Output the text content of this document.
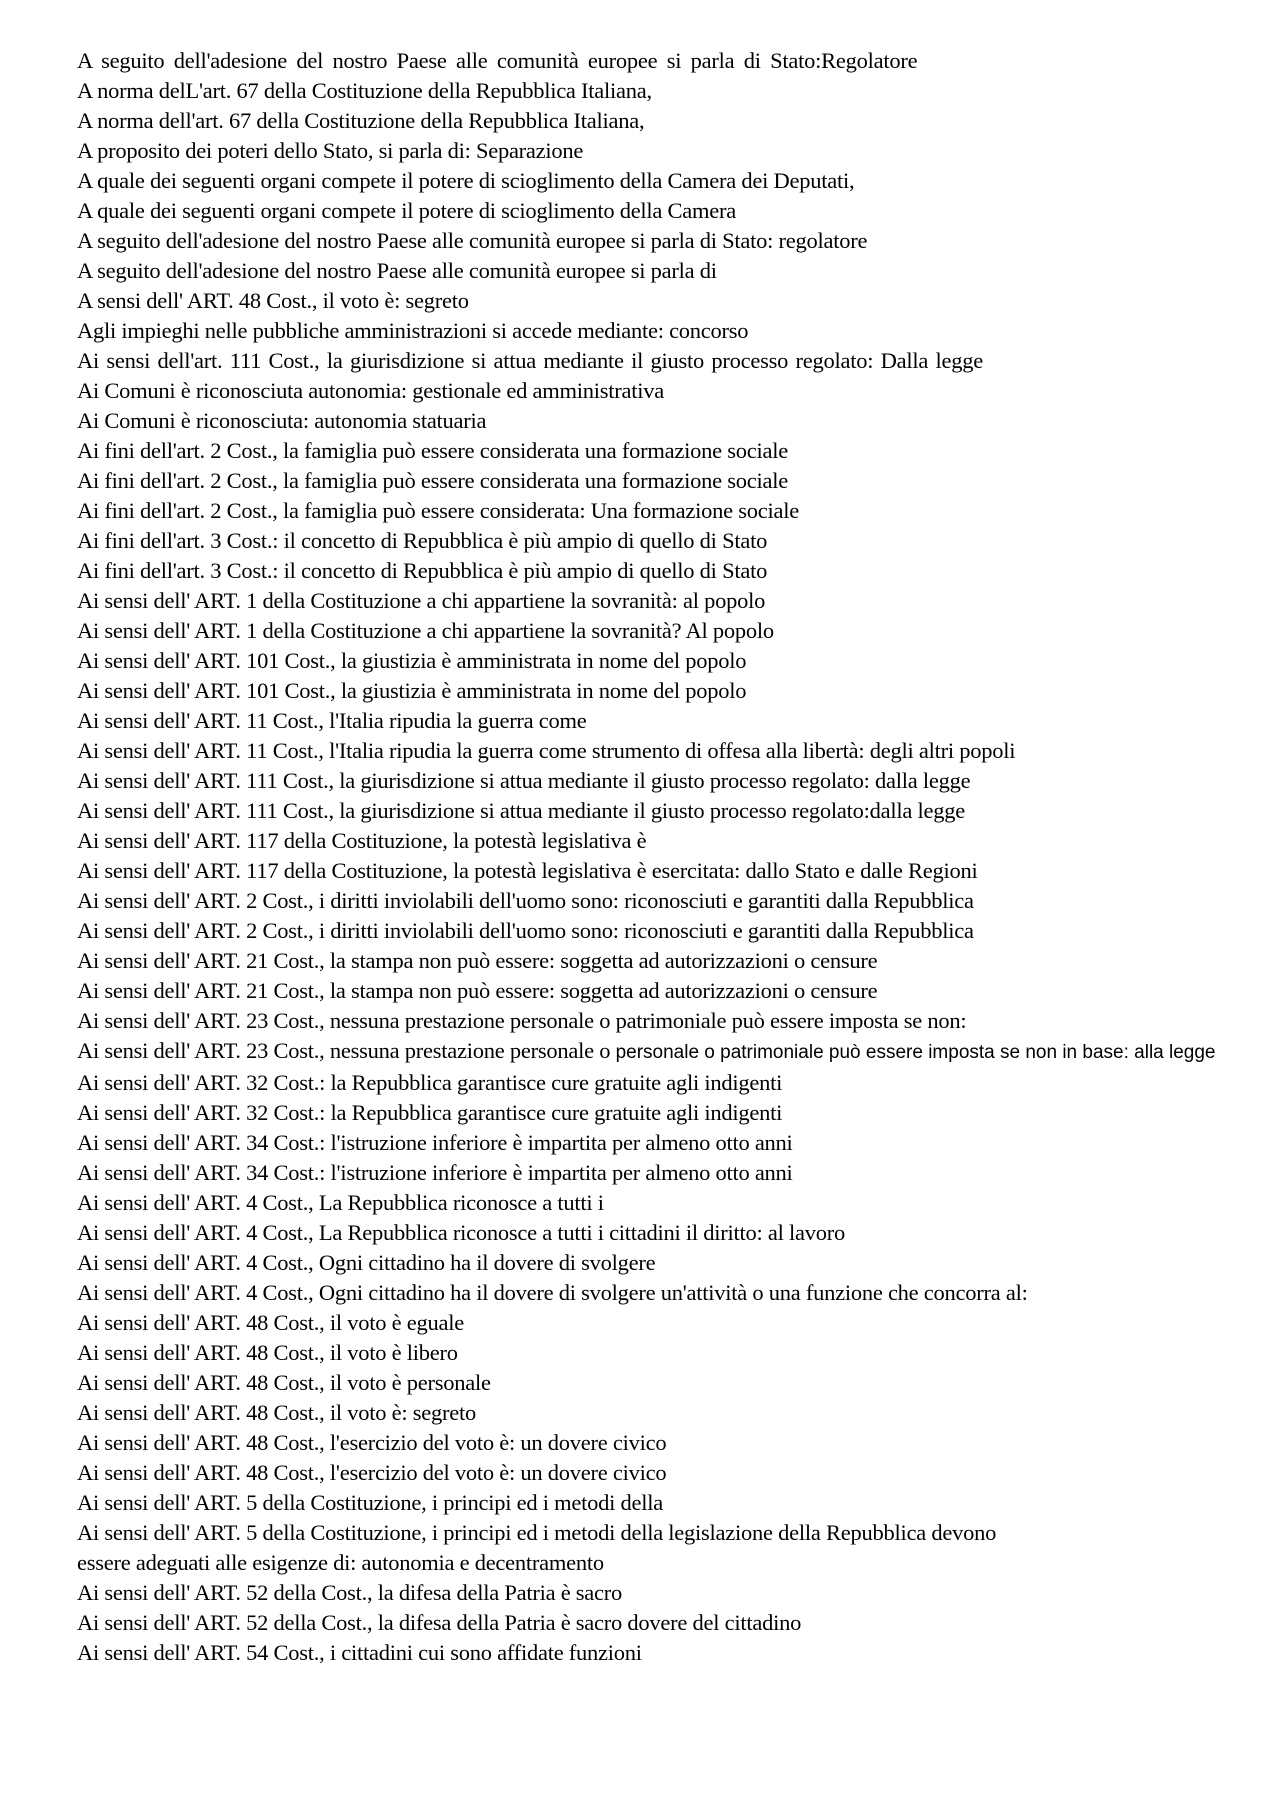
A seguito dell'adesione del nostro Paese alle comunità europee si parla di Stato:Regolatore
A norma delL'art. 67 della Costituzione della Repubblica Italiana,
A norma dell'art. 67 della Costituzione della Repubblica Italiana,
A proposito dei poteri dello Stato, si parla di: Separazione
A quale dei seguenti organi compete il potere di scioglimento della Camera dei Deputati,
A quale dei seguenti organi compete il potere di scioglimento della Camera
A seguito dell'adesione del nostro Paese alle comunità europee si parla di Stato: regolatore
A seguito dell'adesione del nostro Paese alle comunità europee si parla di
A sensi dell' ART. 48 Cost., il voto è: segreto
Agli impieghi nelle pubbliche amministrazioni si accede mediante: concorso
Ai sensi dell'art. 111 Cost., la giurisdizione si attua mediante il giusto processo regolato: Dalla legge
Ai Comuni è riconosciuta autonomia: gestionale ed amministrativa
Ai Comuni è riconosciuta: autonomia statuaria
Ai fini dell'art. 2 Cost., la famiglia può essere considerata una formazione sociale
Ai fini dell'art. 2 Cost., la famiglia può essere considerata una formazione sociale
Ai fini dell'art. 2 Cost., la famiglia può essere considerata: Una formazione sociale
Ai fini dell'art. 3 Cost.: il concetto di Repubblica è più ampio di quello di Stato
Ai fini dell'art. 3 Cost.: il concetto di Repubblica è più ampio di quello di Stato
Ai sensi dell' ART. 1 della Costituzione a chi appartiene la sovranità: al popolo
Ai sensi dell' ART. 1 della Costituzione a chi appartiene la sovranità? Al popolo
Ai sensi dell' ART. 101 Cost., la giustizia è amministrata in nome del popolo
Ai sensi dell' ART. 101 Cost., la giustizia è amministrata in nome del popolo
Ai sensi dell' ART. 11 Cost., l'Italia ripudia la guerra come
Ai sensi dell' ART. 11 Cost., l'Italia ripudia la guerra come strumento di offesa alla libertà: degli altri popoli
Ai sensi dell' ART. 111 Cost., la giurisdizione si attua mediante il giusto processo regolato: dalla legge
Ai sensi dell' ART. 111 Cost., la giurisdizione si attua mediante il giusto processo regolato:dalla legge
Ai sensi dell' ART. 117 della Costituzione, la potestà legislativa è
Ai sensi dell' ART. 117 della Costituzione, la potestà legislativa è esercitata: dallo Stato e dalle Regioni
Ai sensi dell' ART. 2 Cost., i diritti inviolabili dell'uomo sono: riconosciuti e garantiti dalla Repubblica
Ai sensi dell' ART. 2 Cost., i diritti inviolabili dell'uomo sono: riconosciuti e garantiti dalla Repubblica
Ai sensi dell' ART. 21 Cost., la stampa non può essere: soggetta ad autorizzazioni o censure
Ai sensi dell' ART. 21 Cost., la stampa non può essere: soggetta ad autorizzazioni o censure
Ai sensi dell' ART. 23 Cost., nessuna prestazione personale o patrimoniale può essere imposta se non:
Ai sensi dell' ART. 23 Cost., nessuna prestazione personale o personale o patrimoniale può essere imposta se non in base: alla legge
Ai sensi dell' ART. 32 Cost.: la Repubblica garantisce cure gratuite agli indigenti
Ai sensi dell' ART. 32 Cost.: la Repubblica garantisce cure gratuite agli indigenti
Ai sensi dell' ART. 34 Cost.: l'istruzione inferiore è impartita per almeno otto anni
Ai sensi dell' ART. 34 Cost.: l'istruzione inferiore è impartita per almeno otto anni
Ai sensi dell' ART. 4 Cost., La Repubblica riconosce a tutti i
Ai sensi dell' ART. 4 Cost., La Repubblica riconosce a tutti i cittadini il diritto: al lavoro
Ai sensi dell' ART. 4 Cost., Ogni cittadino ha il dovere di svolgere
Ai sensi dell' ART. 4 Cost., Ogni cittadino ha il dovere di svolgere un'attività o una funzione che concorra al:
Ai sensi dell' ART. 48 Cost., il voto è eguale
Ai sensi dell' ART. 48 Cost., il voto è libero
Ai sensi dell' ART. 48 Cost., il voto è personale
Ai sensi dell' ART. 48 Cost., il voto è: segreto
Ai sensi dell' ART. 48 Cost., l'esercizio del voto è: un dovere civico
Ai sensi dell' ART. 48 Cost., l'esercizio del voto è: un dovere civico
Ai sensi dell' ART. 5 della Costituzione, i principi ed i metodi della
Ai sensi dell' ART. 5 della Costituzione, i principi ed i metodi della legislazione della Repubblica devono
essere adeguati alle esigenze di: autonomia e decentramento
Ai sensi dell' ART. 52 della Cost., la difesa della Patria è sacro
Ai sensi dell' ART. 52 della Cost., la difesa della Patria è sacro dovere del cittadino
Ai sensi dell' ART. 54 Cost., i cittadini cui sono affidate funzioni
